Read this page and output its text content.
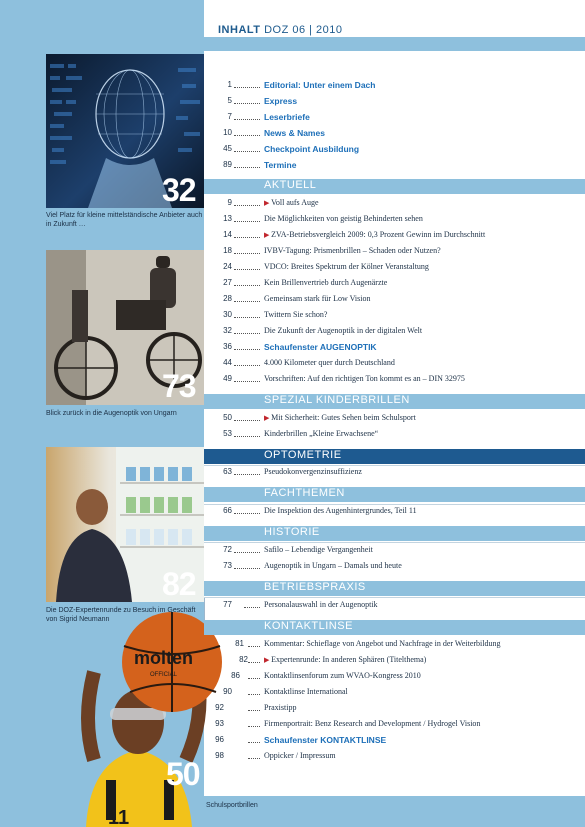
INHALT DOZ 06 | 2010
32
Viel Platz für kleine mittelständische Anbieter auch in Zukunft …
73
Blick zurück in die Augenoptik von Ungarn
82
Die DOZ-Expertenrunde zu Besuch im Geschäft von Sigrid Neumann
molten
OFFICIAL
11
50
Schulsportbrillen
AKTUELL
SPEZIAL KINDERBRILLEN
OPTOMETRIE
FACHTHEMEN
HISTORIE
BETRIEBSPRAXIS
KONTAKTLINSE
1	Editorial: Unter einem Dach
5	Express
7	Leserbriefe
10	News & Names
45	Checkpoint Ausbildung
89	Termine
9	▶ Voll aufs Auge
13	Die Möglichkeiten von geistig Behinderten sehen
14	▶ ZVA-Betriebsvergleich 2009: 0,3 Prozent Gewinn im Durchschnitt
18	IVBV-Tagung: Prismenbrillen – Schaden oder Nutzen?
24	VDCO: Breites Spektrum der Kölner Veranstaltung
27	Kein Brillenvertrieb durch Augenärzte
28	Gemeinsam stark für Low Vision
30	Twittern Sie schon?
32	Die Zukunft der Augenoptik in der digitalen Welt
36	Schaufenster AUGENOPTIK
44	4.000 Kilometer quer durch Deutschland
49	Vorschriften: Auf den richtigen Ton kommt es an – DIN 32975
50	▶ Mit Sicherheit: Gutes Sehen beim Schulsport
53	Kinderbrillen „Kleine Erwachsene“
63	Pseudokonvergenzinsuffizienz
66	Die Inspektion des Augenhintergrundes, Teil 11
72	Safilo – Lebendige Vergangenheit
73	Augenoptik in Ungarn – Damals und heute
77	Personalauswahl in der Augenoptik
81	Kommentar: Schieflage von Angebot und Nachfrage in der Weiterbildung
82 ▶ Expertenrunde: In anderen Sphären (Titelthema)
86	Kontaktlinsenforum zum WVAO-Kongress 2010
90	Kontaktlinse International
92	Praxistipp
93	Firmenportrait: Benz Research and Development / Hydrogel Vision
96	Schaufenster KONTAKTLINSE
98	Oppicker / Impressum
